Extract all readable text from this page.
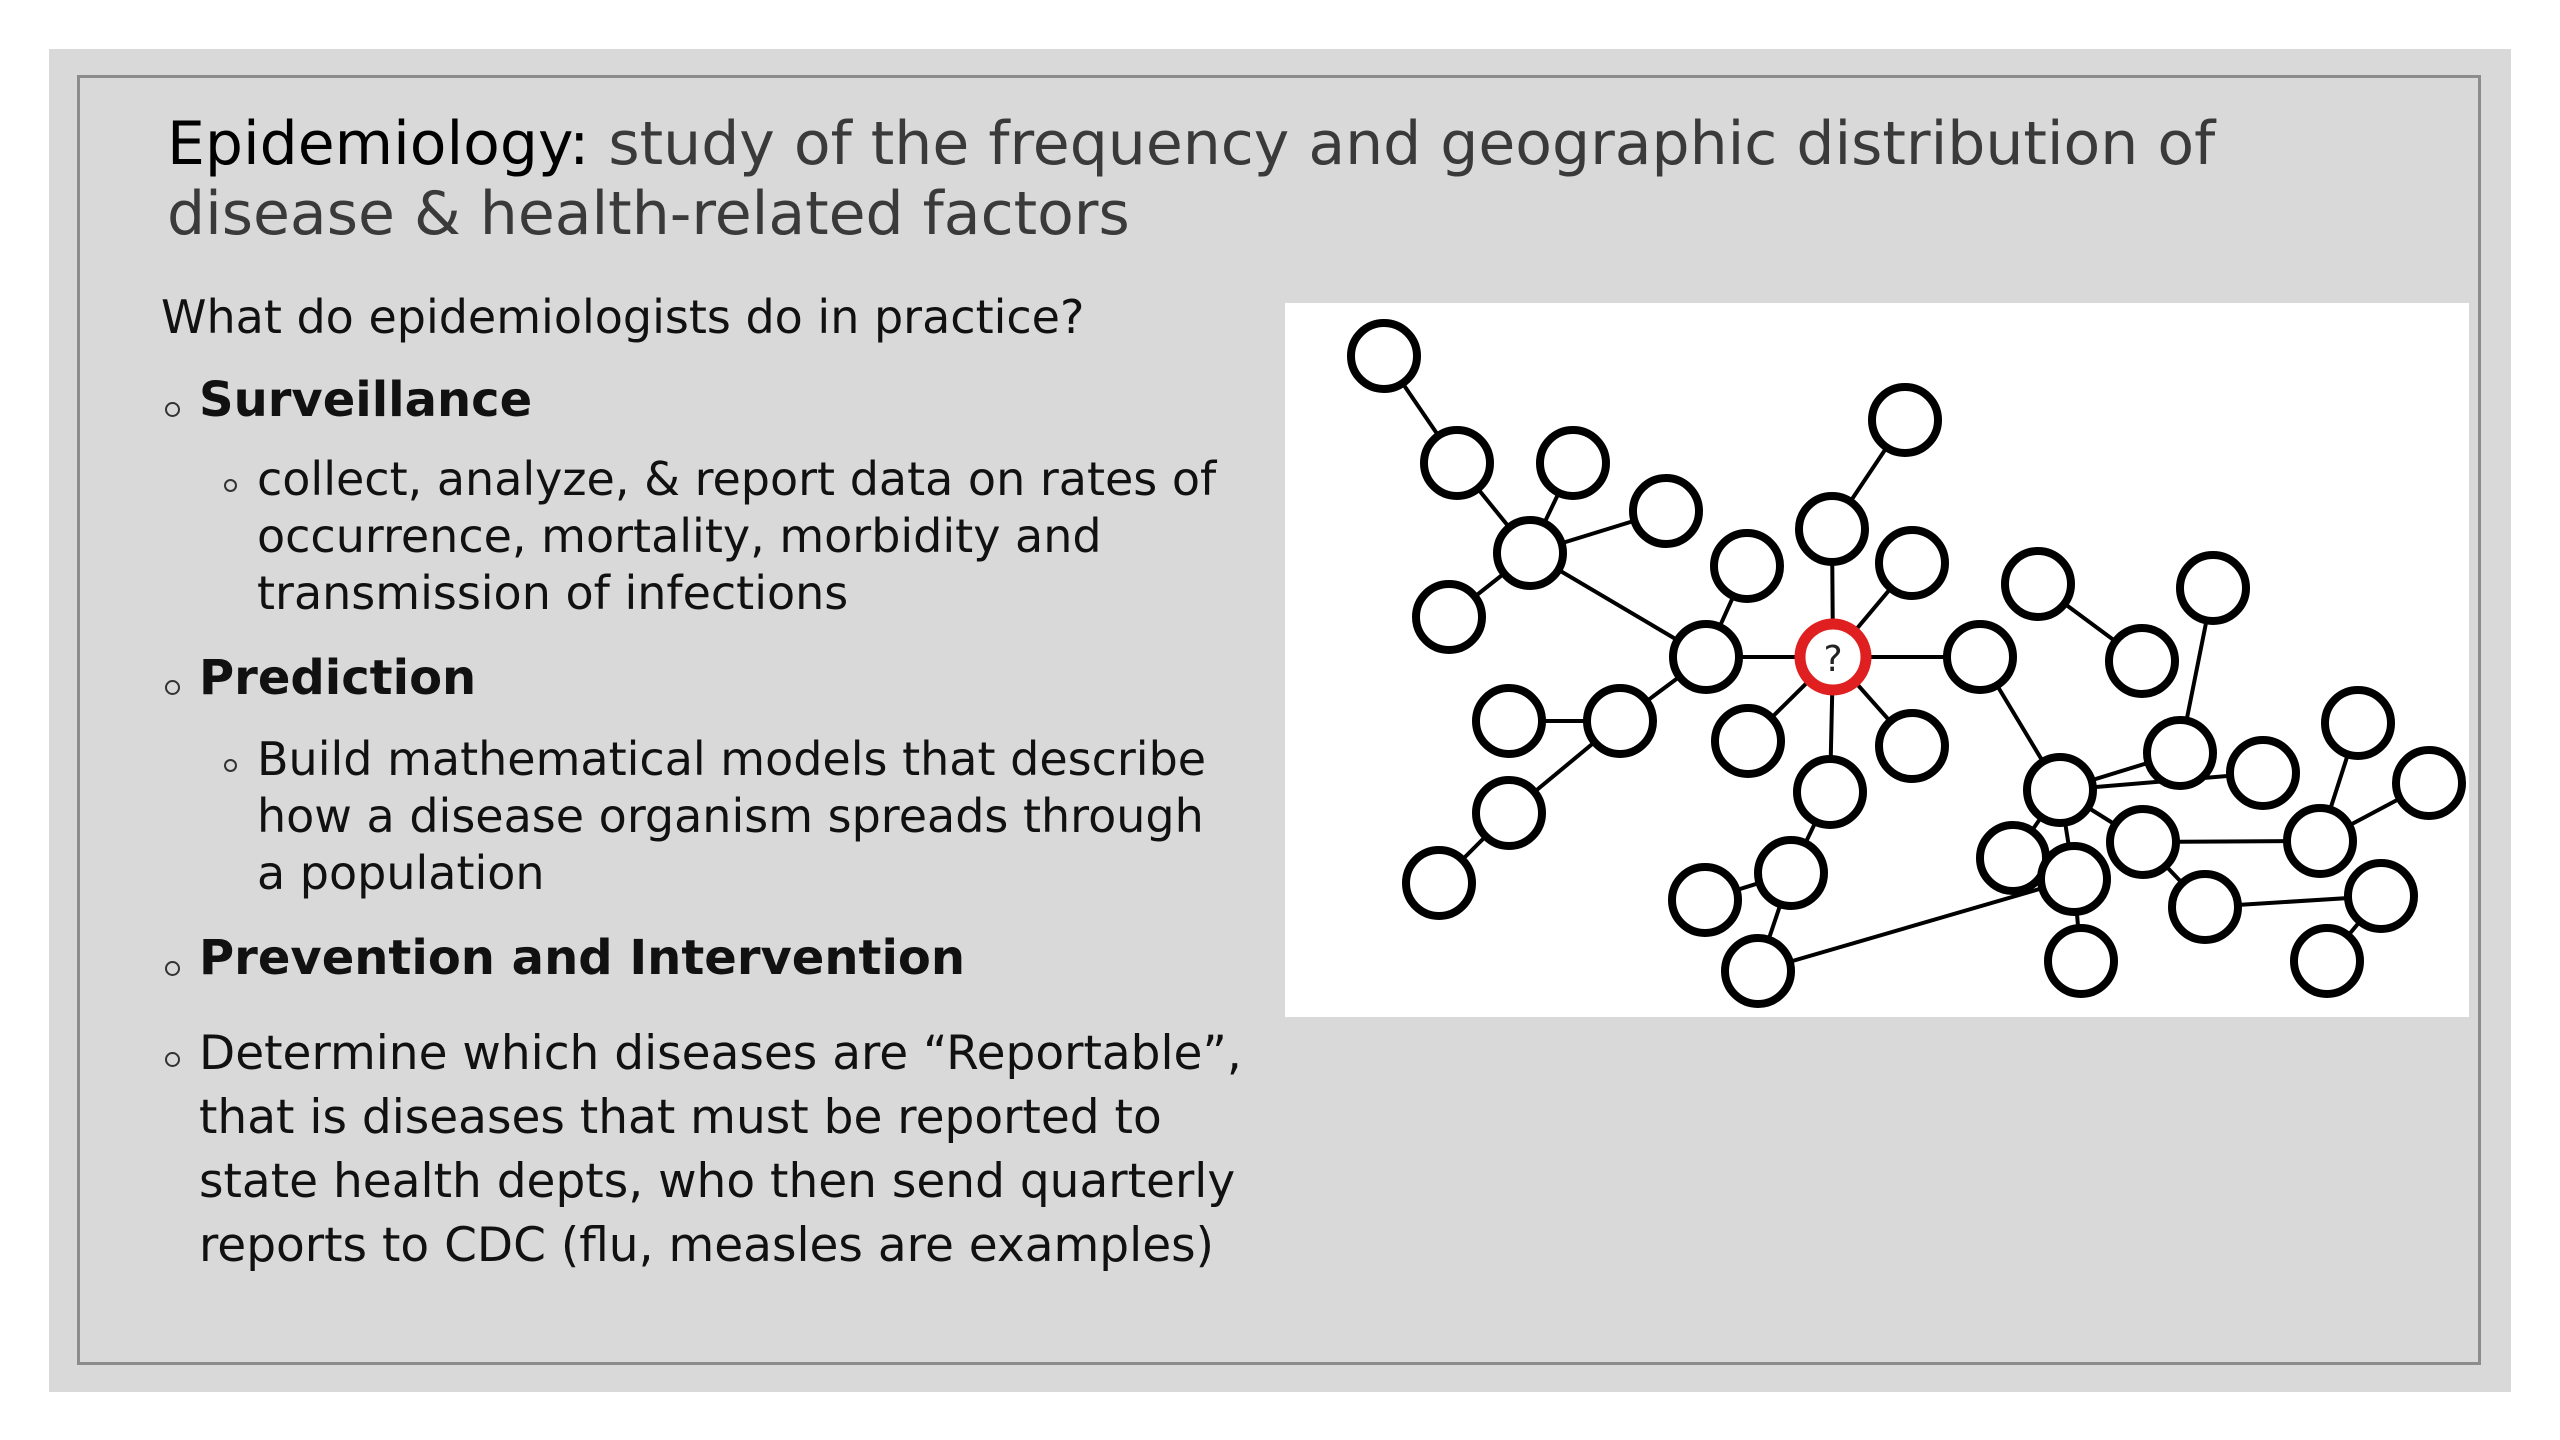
Epidemiology: study of the frequency and geographic distribution of disease & health-related factors

What do epidemiologists do in practice?

Surveillance
collect, analyze, & report data on rates of
occurrence, mortality, morbidity and
transmission of infections
Prediction
Build mathematical models that describe
how a disease organism spreads through
a population
Prevention and Intervention
Determine which diseases are “Reportable”,
that is diseases that must be reported to
state health depts, who then send quarterly
reports to CDC (flu, measles are examples)
?
